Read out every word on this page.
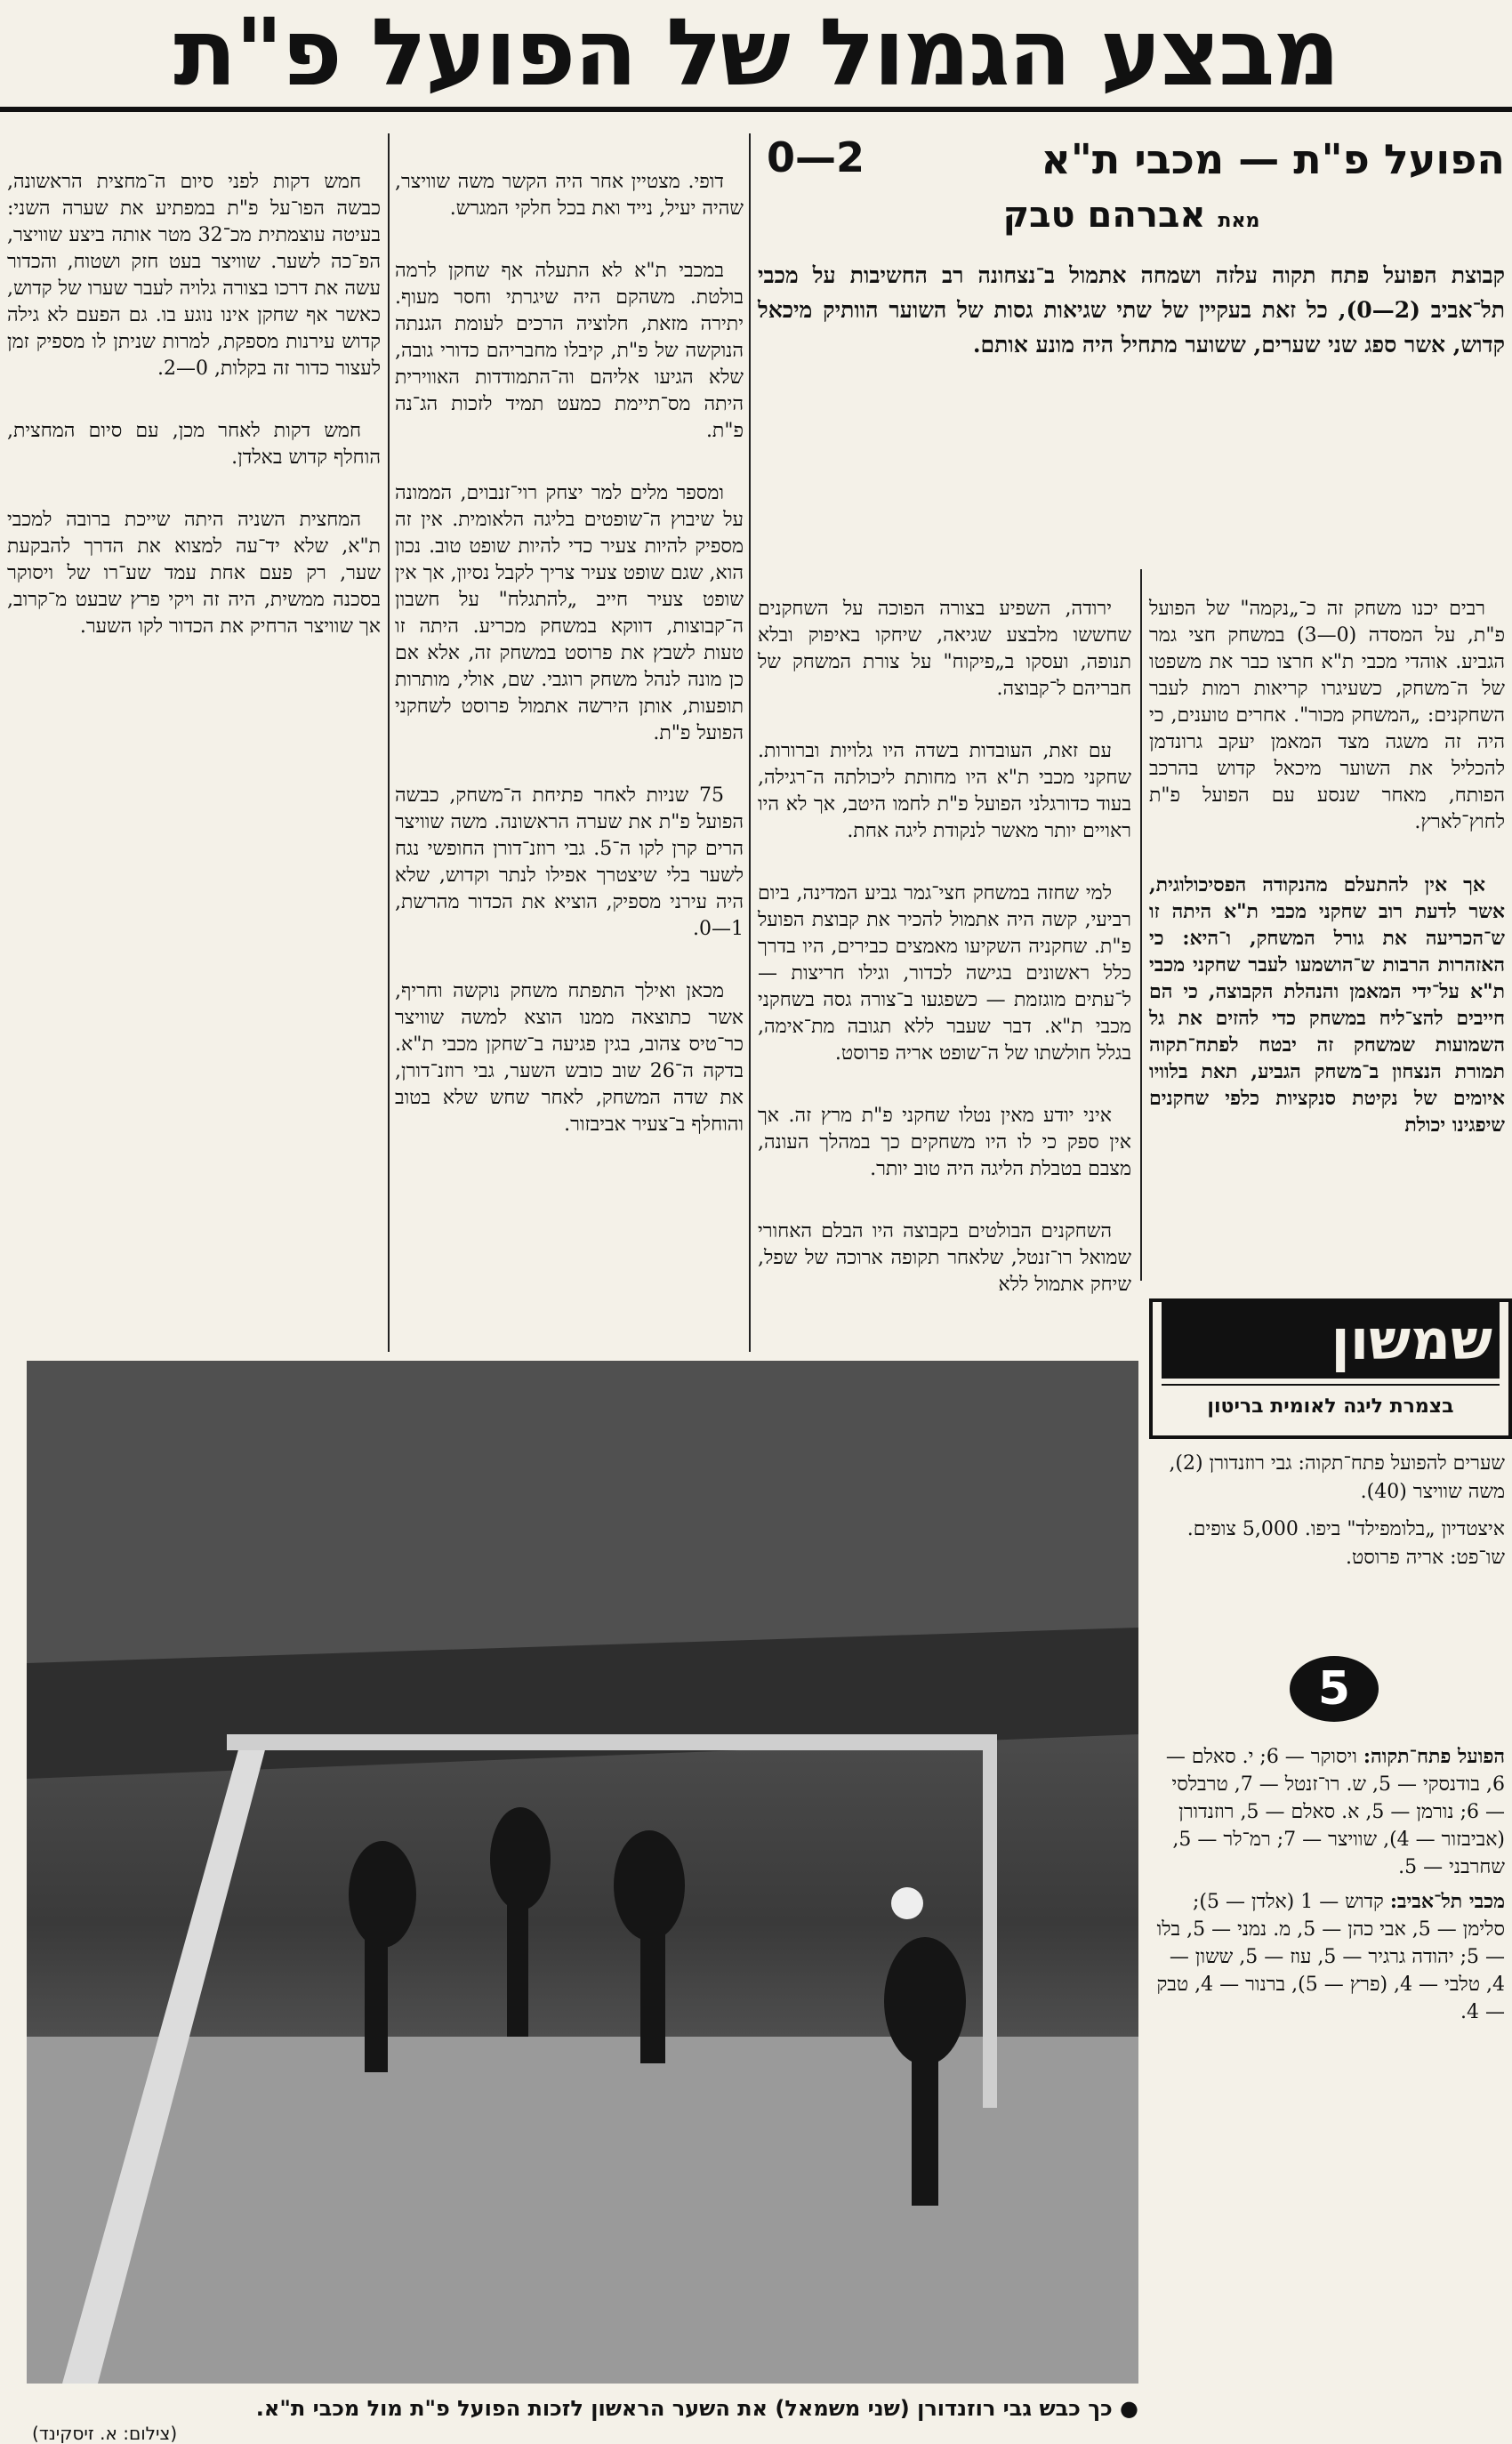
מבצע הגמול של הפועל פ"ת
הפועל פ"ת — מכבי ת"א
2—0
מאת אברהם טבק
קבוצת הפועל פתח תקוה עלזה ושמחה אתמול ב־נצחונה רב החשיבות על מכבי תל־אביב (2—0), כל זאת בעקיין של שתי שגיאות גסות של השוער הוותיק מיכאל קדוש, אשר ספג שני שערים, ששוער מתחיל היה מונע אותם.

רבים יכנו משחק זה כ־„נקמה" של הפועל פ"ת, על המסדה (0—3) במשחק חצי גמר הגביע. אוהדי מכבי ת"א חרצו כבר את משפטו של ה־משחק, כשעיגרו קריאות רמות לעבר השחקנים: „המשחק מכור". אחרים טוענים, כי היה זה משגה מצד המאמן יעקב גרונדמן להכליל את השוער מיכאל קדוש בהרכב הפותח, מאחר שנסע עם הפועל פ"ת לחוץ־לארץ.

אך אין להתעלם מהנקודה הפסיכולוגית, אשר לדעת רוב שחקני מכבי ת"א היתה זו ש־הכריעה את גורל המשחק, ו־היא: כי האזהרות הרבות ש־הושמעו לעבר שחקני מכבי ת"א על־ידי המאמן והנהלת הקבוצה, כי הם חייבים להצ־ליח במשחק כדי להזים את גל השמועות שמשחק זה יבטח לפתח־תקוה תמורת הנצחון ב־משחק הגביע, תאת בלוויו איומים של נקיטת סנקציות כלפי שחקנים שיפגינו יכולת

ירודה, השפיע בצורה הפוכה על השחקנים שחששו מלבצע שגיאה, שיחקו באיפוק ובלא תנופה, ועסקו ב„פיקוח" על צורת המשחק של חבריהם ל־קבוצה.

עם זאת, העובדות בשדה היו גלויות וברורות. שחקני מכבי ת"א היו מחותת ליכולתה ה־רגילה, בעוד כדורגלני הפועל פ"ת לחמו היטב, אך לא היו ראויים יותר מאשר לנקודת ליגה אחת.

למי שחזה במשחק חצי־גמר גביע המדינה, ביום רביעי, קשה היה אתמול להכיר את קבוצת הפועל פ"ת. שחקניה השקיעו מאמצים כבירים, היו בדרך כלל ראשונים בגישה לכדור, וגילו חריצות — ל־עתים מוגזמת — כשפגעו ב־צורה גסה בשחקני מכבי ת"א. דבר שעבר ללא תגובה מת־אימה, בגלל חולשתו של ה־שופט אריה פרוסט.

איני יודע מאין נטלו שחקני פ"ת מרץ זה. אך אין ספק כי לו היו משחקים כך במהלך העונה, מצבם בטבלת הליגה היה טוב יותר.

השחקנים הבולטים בקבוצה היו הבלם האחורי שמואל רו־זנטל, שלאחר תקופה ארוכה של שפל, שיחק אתמול ללא

דופי. מצטיין אחר היה הקשר משה שוויצר, שהיה יעיל, נייד ואת בכל חלקי המגרש.

במכבי ת"א לא התעלה אף שחקן לרמה בולטת. משהקם היה שיגרתי וחסר מעוף. יתירה מזאת, חלוציה הרכים לעומת הגנתה הנוקשה של פ"ת, קיבלו מחבריהם כדורי גובה, שלא הגיעו אליהם וה־התמודדות האווירית היתה מס־תיימת כמעט תמיד לזכות הג־נה פ"ת.

ומספר מלים למר יצחק רוי־זנבוים, הממונה על שיבוץ ה־שופטים בליגה הלאומית. אין זה מספיק להיות צעיר כדי להיות שופט טוב. נכון הוא, שגם שופט צעיר צריך לקבל נסיון, אך אין שופט צעיר חייב „להתגלח" על חשבון ה־קבוצות, דווקא במשחק מכריע. היתה זו טעות לשבץ את פרוסט במשחק זה, אלא אם כן מונה לנהל משחק רוגבי. שם, אולי, מותרות תופעות, אותן הירשה אתמול פרוסט לשחקני הפועל פ"ת.

75 שניות לאחר פתיחת ה־משחק, כבשה הפועל פ"ת את שערה הראשונה. משה שוויצר הרים קרן לקו ה־5. גבי רוזנ־דורן החופשי נגח לשער בלי שיצטרך אפילו לנתר וקדוש, שלא היה עירני מספיק, הוציא את הכדור מהרשת, 1—0.

מכאן ואילך התפתח משחק נוקשה וחריף, אשר כתוצאה ממנו הוצא למשה שוויצר כר־טיס צהוב, בגין פגיעה ב־שחקן מכבי ת"א. בדקה ה־26 שוב כובש השער, גבי רוזנ־דורן, את שדה המשחק, לאחר שחש שלא בטוב והוחלף ב־צעיר אביבזור.

חמש דקות לפני סיום ה־מחצית הראשונה, כבשה הפו־על פ"ת במפתיע את שערה השני: בעיטה עוצמתית מכ־32 מטר אותה ביצע שוויצר, הפ־כה לשער. שוויצר בעט חזק ושטוח, והכדור עשה את דרכו בצורה גלויה לעבר שערו של קדוש, כאשר אף שחקן אינו נוגע בו. גם הפעם לא גילה קדוש עירנות מספקת, למרות שניתן לו מספיק זמן לעצור כדור זה בקלות, 0—2.

חמש דקות לאחר מכן, עם סיום המחצית, הוחלף קדוש באלדן.

המחצית השניה היתה שייכת ברובה למכבי ת"א, שלא יד־עה למצוא את הדרך להבקעת שער, רק פעם אחת עמד שע־רו של ויסוקר בסכנה ממשית, היה זה ויקי פרץ שבעט מ־קרוב, אך שוויצר הרחיק את הכדור לקו השער.

שמשון
בצמרת ליגה לאומית בריטון

שערים להפועל פתח־תקוה: גבי רוזנדורן (2), משה שוויצר (40).

איצטדיון „בלומפילד" ביפו. 5,000 צופים. שו־פט: אריה פרוסט.

5

הפועל פתח־תקוה: ויסוקר — 6; י. סאלם — 6, בודנסקי — 5, ש. רו־זנטל — 7, טרבלסי — 6; נורמן — 5, א. סאלם — 5, רוזנדורן (אביבזור — 4), שוויצר — 7; רמ־לר — 5, שחרבני — 5.

מכבי תל־אביב: קדוש — 1 (אלדן — 5); סלימן — 5, אבי כהן — 5, מ. נמני — 5, בלו — 5; יהודה גרגיר — 5, עוז — 5, ששון — 4, טלבי — 4, (פרץ — 5), ברנור — 4, טבק — 4.

● כך כבש גבי רוזנדורן (שני משמאל) את השער הראשון לזכות הפועל פ"ת מול מכבי ת"א.
(צילום: א. זיסקינד)
